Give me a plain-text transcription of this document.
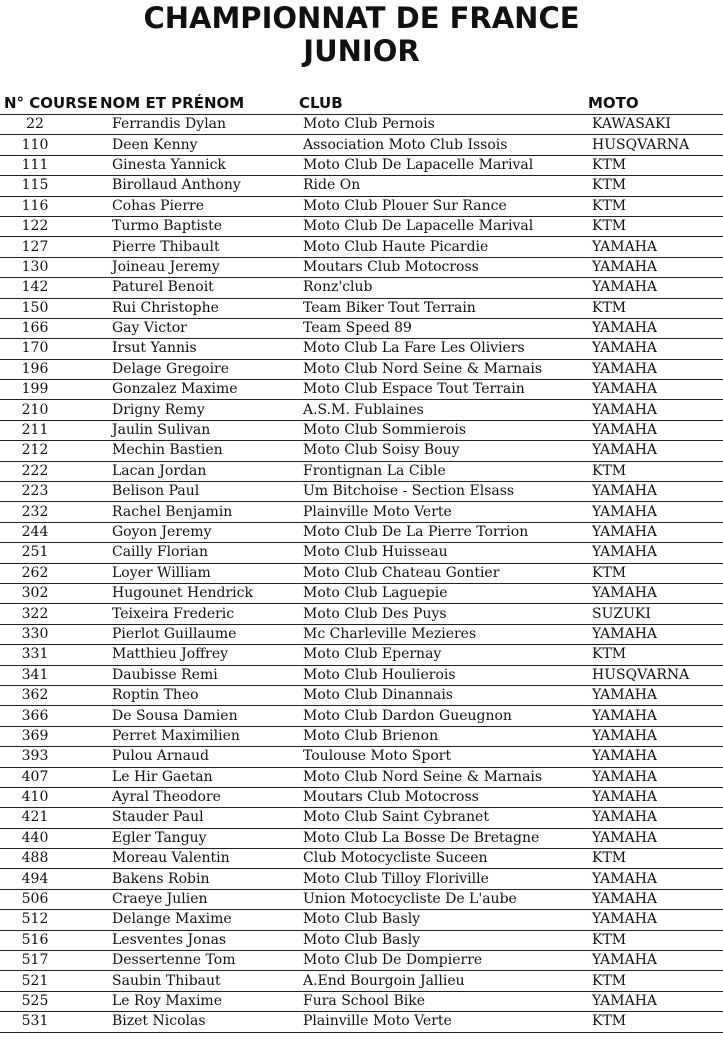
CHAMPIONNAT DE FRANCE
JUNIOR
N° COURSE	NOM ET PRÉNOM	CLUB	MOTO
22	Ferrandis Dylan	Moto Club Pernois	KAWASAKI
110	Deen Kenny	Association Moto Club Issois	HUSQVARNA
111	Ginesta Yannick	Moto Club De Lapacelle Marival	KTM
115	Birollaud Anthony	Ride On	KTM
116	Cohas Pierre	Moto Club Plouer Sur Rance	KTM
122	Turmo Baptiste	Moto Club De Lapacelle Marival	KTM
127	Pierre Thibault	Moto Club Haute Picardie	YAMAHA
130	Joineau Jeremy	Moutars Club Motocross	YAMAHA
142	Paturel Benoit	Ronz'club	YAMAHA
150	Rui Christophe	Team Biker Tout Terrain	KTM
166	Gay Victor	Team Speed 89	YAMAHA
170	Irsut Yannis	Moto Club La Fare Les Oliviers	YAMAHA
196	Delage Gregoire	Moto Club Nord Seine & Marnais	YAMAHA
199	Gonzalez Maxime	Moto Club Espace Tout Terrain	YAMAHA
210	Drigny Remy	A.S.M. Fublaines	YAMAHA
211	Jaulin Sulivan	Moto Club Sommierois	YAMAHA
212	Mechin Bastien	Moto Club Soisy Bouy	YAMAHA
222	Lacan Jordan	Frontignan La Cible	KTM
223	Belison Paul	Um Bitchoise - Section Elsass	YAMAHA
232	Rachel Benjamin	Plainville Moto Verte	YAMAHA
244	Goyon Jeremy	Moto Club De La Pierre Torrion	YAMAHA
251	Cailly Florian	Moto Club Huisseau	YAMAHA
262	Loyer William	Moto Club Chateau Gontier	KTM
302	Hugounet Hendrick	Moto Club Laguepie	YAMAHA
322	Teixeira Frederic	Moto Club Des Puys	SUZUKI
330	Pierlot Guillaume	Mc Charleville Mezieres	YAMAHA
331	Matthieu Joffrey	Moto Club Epernay	KTM
341	Daubisse Remi	Moto Club Houlierois	HUSQVARNA
362	Roptin Theo	Moto Club Dinannais	YAMAHA
366	De Sousa Damien	Moto Club Dardon Gueugnon	YAMAHA
369	Perret Maximilien	Moto Club Brienon	YAMAHA
393	Pulou Arnaud	Toulouse Moto Sport	YAMAHA
407	Le Hir Gaetan	Moto Club Nord Seine & Marnais	YAMAHA
410	Ayral Theodore	Moutars Club Motocross	YAMAHA
421	Stauder Paul	Moto Club Saint Cybranet	YAMAHA
440	Egler Tanguy	Moto Club La Bosse De Bretagne	YAMAHA
488	Moreau Valentin	Club Motocycliste Suceen	KTM
494	Bakens Robin	Moto Club Tilloy Floriville	YAMAHA
506	Craeye Julien	Union Motocycliste De L'aube	YAMAHA
512	Delange Maxime	Moto Club Basly	YAMAHA
516	Lesventes Jonas	Moto Club Basly	KTM
517	Dessertenne Tom	Moto Club De Dompierre	YAMAHA
521	Saubin Thibaut	A.End Bourgoin Jallieu	KTM
525	Le Roy Maxime	Fura School Bike	YAMAHA
531	Bizet Nicolas	Plainville Moto Verte	KTM
